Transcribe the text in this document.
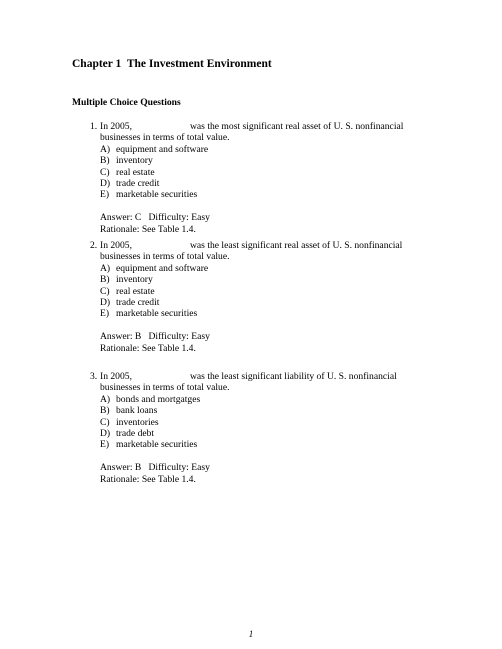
Chapter 1  The Investment Environment
Multiple Choice Questions
1. In 2005,	was the most significant real asset of U. S. nonfinancial
businesses in terms of total value.
A) equipment and software
B) inventory
C) real estate
D) trade credit
E) marketable securities
Answer: C   Difficulty: Easy
Rationale: See Table 1.4.
2. In 2005,	was the least significant real asset of U. S. nonfinancial
businesses in terms of total value.
A) equipment and software
B) inventory
C) real estate
D) trade credit
E) marketable securities
Answer: B   Difficulty: Easy
Rationale: See Table 1.4.
3. In 2005,	was the least significant liability of U. S. nonfinancial
businesses in terms of total value.
A) bonds and mortgatges
B) bank loans
C) inventories
D) trade debt
E) marketable securities
Answer: B   Difficulty: Easy
Rationale: See Table 1.4.
1
